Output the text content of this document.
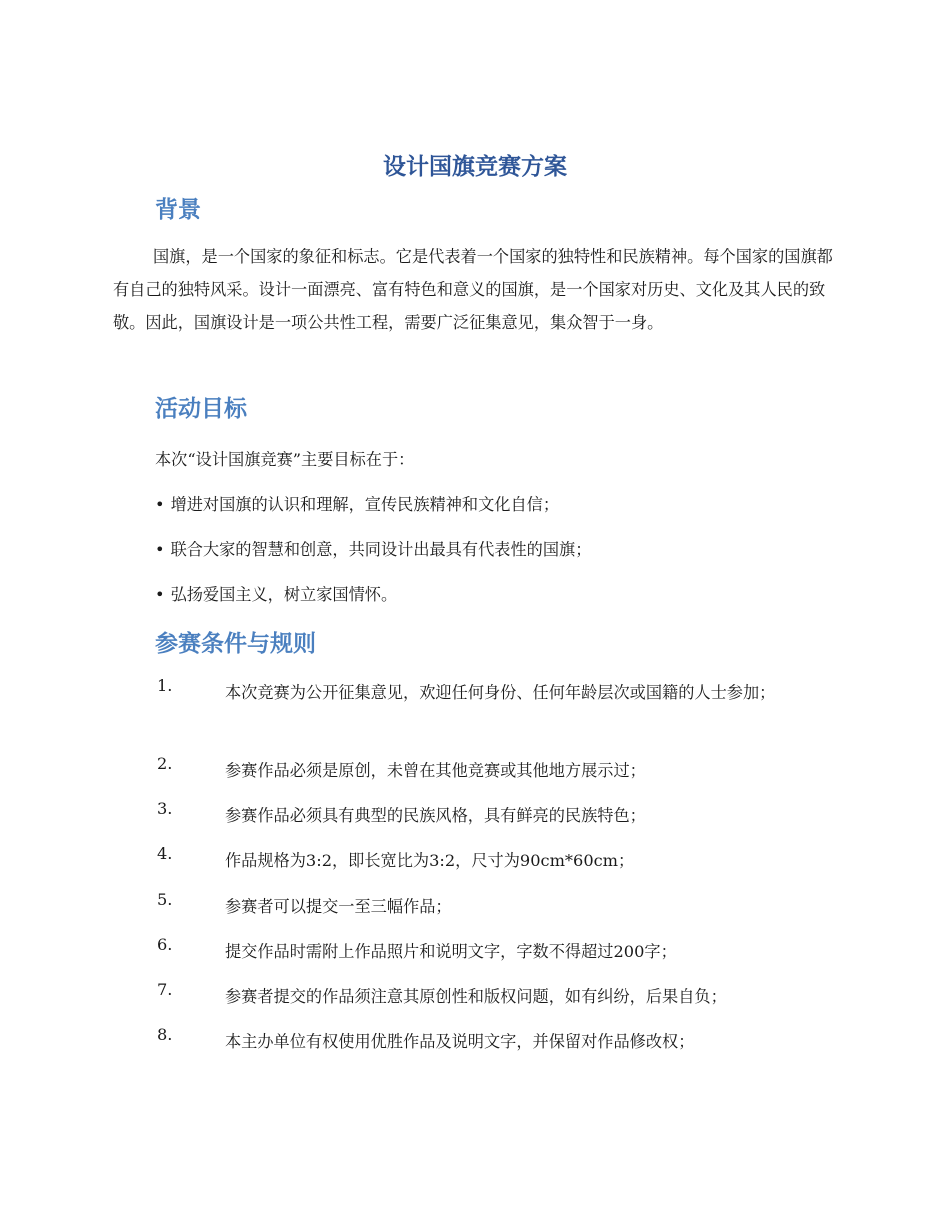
设计国旗竞赛方案
背景

国旗，是一个国家的象征和标志。它是代表着一个国家的独特性和民族精神。每个国家的国旗都有自己的独特风采。设计一面漂亮、富有特色和意义的国旗，是一个国家对历史、文化及其人民的致敬。因此，国旗设计是一项公共性工程，需要广泛征集意见，集众智于一身。

活动目标

本次“设计国旗竞赛”主要目标在于：

• 增进对国旗的认识和理解，宣传民族精神和文化自信；

• 联合大家的智慧和创意，共同设计出最具有代表性的国旗；

• 弘扬爱国主义，树立家国情怀。

参赛条件与规则
1.	本次竞赛为公开征集意见，欢迎任何身份、任何年龄层次或国籍的人士参加；
2.	参赛作品必须是原创，未曾在其他竞赛或其他地方展示过；
3.	参赛作品必须具有典型的民族风格，具有鲜亮的民族特色；
4.	作品规格为3:2，即长宽比为3:2，尺寸为90cm*60cm；
5.	参赛者可以提交一至三幅作品；
6.	提交作品时需附上作品照片和说明文字，字数不得超过200字；
7.	参赛者提交的作品须注意其原创性和版权问题，如有纠纷，后果自负；
8.	本主办单位有权使用优胜作品及说明文字，并保留对作品修改权；
